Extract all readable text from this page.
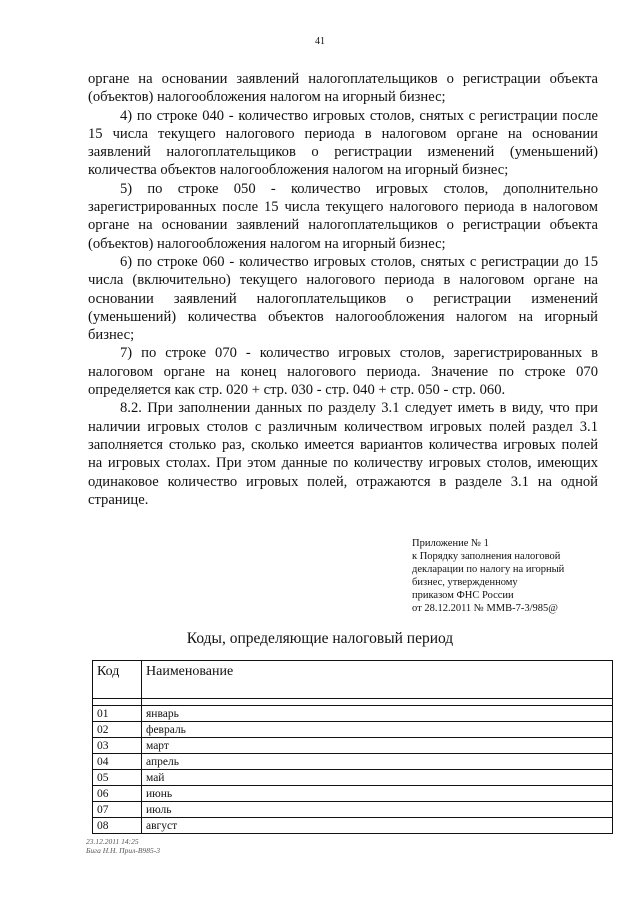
41

органе на основании заявлений налогоплательщиков о регистрации объекта (объектов) налогообложения налогом на игорный бизнес;

4) по строке 040 - количество игровых столов, снятых с регистрации после 15 числа текущего налогового периода в налоговом органе на основании заявлений налогоплательщиков о регистрации изменений (уменьшений) количества объектов налогообложения налогом на игорный бизнес;

5) по строке 050 - количество игровых столов, дополнительно зарегистрированных после 15 числа текущего налогового периода в налоговом органе на основании заявлений налогоплательщиков о регистрации объекта (объектов) налогообложения налогом на игорный бизнес;

6) по строке 060 - количество игровых столов, снятых с регистрации до 15 числа (включительно) текущего налогового периода в налоговом органе на основании заявлений налогоплательщиков о регистрации изменений (уменьшений) количества объектов налогообложения налогом на игорный бизнес;

7) по строке 070 - количество игровых столов, зарегистрированных в налоговом органе на конец налогового периода. Значение по строке 070 определяется как стр. 020 + стр. 030 - стр. 040 + стр. 050 - стр. 060.

8.2. При заполнении данных по разделу 3.1 следует иметь в виду, что при наличии игровых столов с различным количеством игровых полей раздел 3.1 заполняется столько раз, сколько имеется вариантов количества игровых полей на игровых столах. При этом данные по количеству игровых столов, имеющих одинаковое количество игровых полей, отражаются в разделе 3.1 на одной странице.

Приложение № 1
к Порядку заполнения налоговой
декларации по налогу на игорный
бизнес, утвержденному
приказом ФНС России
от 28.12.2011 № ММВ-7-3/985@
Коды, определяющие налоговый период
Код	Наименование

01	январь
02	февраль
03	март
04	апрель
05	май
06	июнь
07	июль
08	август
23.12.2011 14:25
Бига Н.Н. Прил-В985-3
